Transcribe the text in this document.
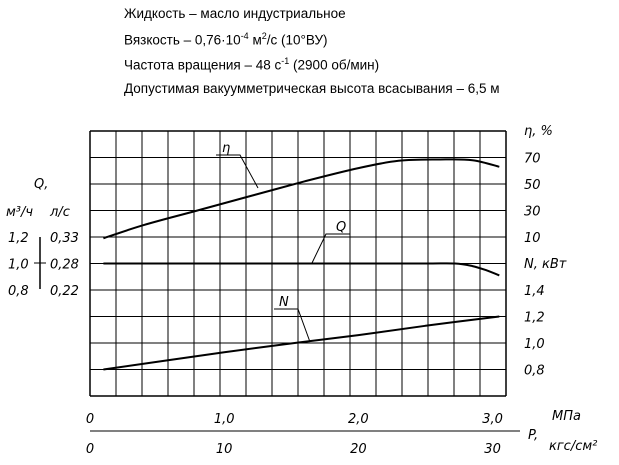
Жидкость – масло индустриальное
Вязкость – $0,76\cdot 10^{-4}$ $м^2/с$ (10°ВУ)
Частота вращения – 48 $с^{-1}$ (2900 об/мин)
Допустимая вакуумметрическая высота всасывания – 6,5 м
η
Q
N
Q,
м³/ч л/с
1,2
1,0
0,8
0,33
0,28
0,22
η, %
N, кВт
70
50
30
10
1,4
1,2
1,0
0,8
0	1,0	2,0	3,0
0	10	20	30
P,
МПа
кгс/см²
